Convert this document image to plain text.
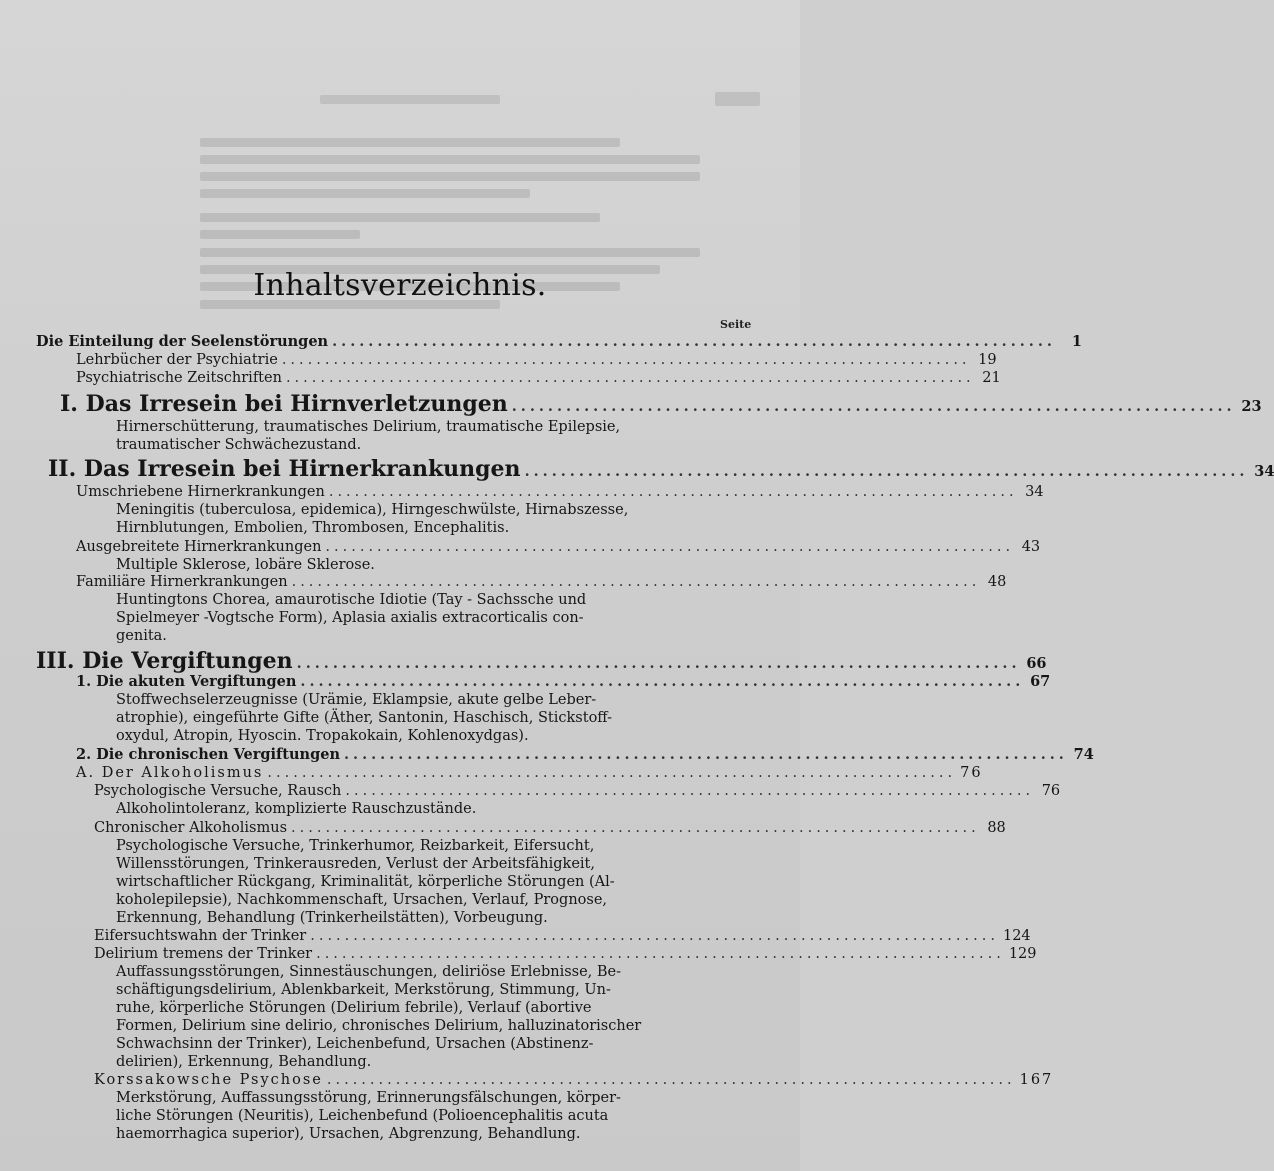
Inhaltsverzeichnis.
Seite
Die Einteilung der Seelenstörungen ................................................................................	1
Lehrbücher der Psychiatrie ................................................................................ 19
Psychiatrische Zeitschriften ................................................................................ 21
I. Das Irresein bei Hirnverletzungen ................................................................................ 23
Hirnerschütterung, traumatisches Delirium, traumatische Epilepsie,
traumatischer Schwächezustand.
II. Das Irresein bei Hirnerkrankungen ................................................................................ 34
Umschriebene Hirnerkrankungen ................................................................................ 34
Meningitis (tuberculosa, epidemica), Hirngeschwülste, Hirnabszesse,
Hirnblutungen, Embolien, Thrombosen, Encephalitis.
Ausgebreitete Hirnerkrankungen ................................................................................ 43
Multiple Sklerose, lobäre Sklerose.
Familiäre Hirnerkrankungen ................................................................................ 48
Huntingtons Chorea, amaurotische Idiotie (Tay - Sachssche und
Spielmeyer -Vogtsche Form), Aplasia axialis extracorticalis con-
genita.
III. Die Vergiftungen ................................................................................ 66
1. Die akuten Vergiftungen ................................................................................ 67
Stoffwechselerzeugnisse (Urämie, Eklampsie, akute gelbe Leber-
atrophie), eingeführte Gifte (Äther, Santonin, Haschisch, Stickstoff-
oxydul, Atropin, Hyoscin. Tropakokain, Kohlenoxydgas).
2. Die chronischen Vergiftungen ................................................................................ 74
A. Der Alkoholismus ................................................................................ 76
Psychologische Versuche, Rausch ................................................................................ 76
Alkoholintoleranz, komplizierte Rauschzustände.
Chronischer Alkoholismus ................................................................................ 88
Psychologische Versuche, Trinkerhumor, Reizbarkeit, Eifersucht,
Willensstörungen, Trinkerausreden, Verlust der Arbeitsfähigkeit,
wirtschaftlicher Rückgang, Kriminalität, körperliche Störungen (Al-
koholepilepsie), Nachkommenschaft, Ursachen, Verlauf, Prognose,
Erkennung, Behandlung (Trinkerheilstätten), Vorbeugung.
Eifersuchtswahn der Trinker ................................................................................ 124
Delirium tremens der Trinker ................................................................................ 129
Auffassungsstörungen, Sinnestäuschungen, deliriöse Erlebnisse, Be-
schäftigungsdelirium, Ablenkbarkeit, Merkstörung, Stimmung, Un-
ruhe, körperliche Störungen (Delirium febrile), Verlauf (abortive
Formen, Delirium sine delirio, chronisches Delirium, halluzinatorischer
Schwachsinn der Trinker), Leichenbefund, Ursachen (Abstinenz-
delirien), Erkennung, Behandlung.
Korssakowsche Psychose ................................................................................ 167
Merkstörung, Auffassungsstörung, Erinnerungsfälschungen, körper-
liche Störungen (Neuritis), Leichenbefund (Polioencephalitis acuta
haemorrhagica superior), Ursachen, Abgrenzung, Behandlung.
